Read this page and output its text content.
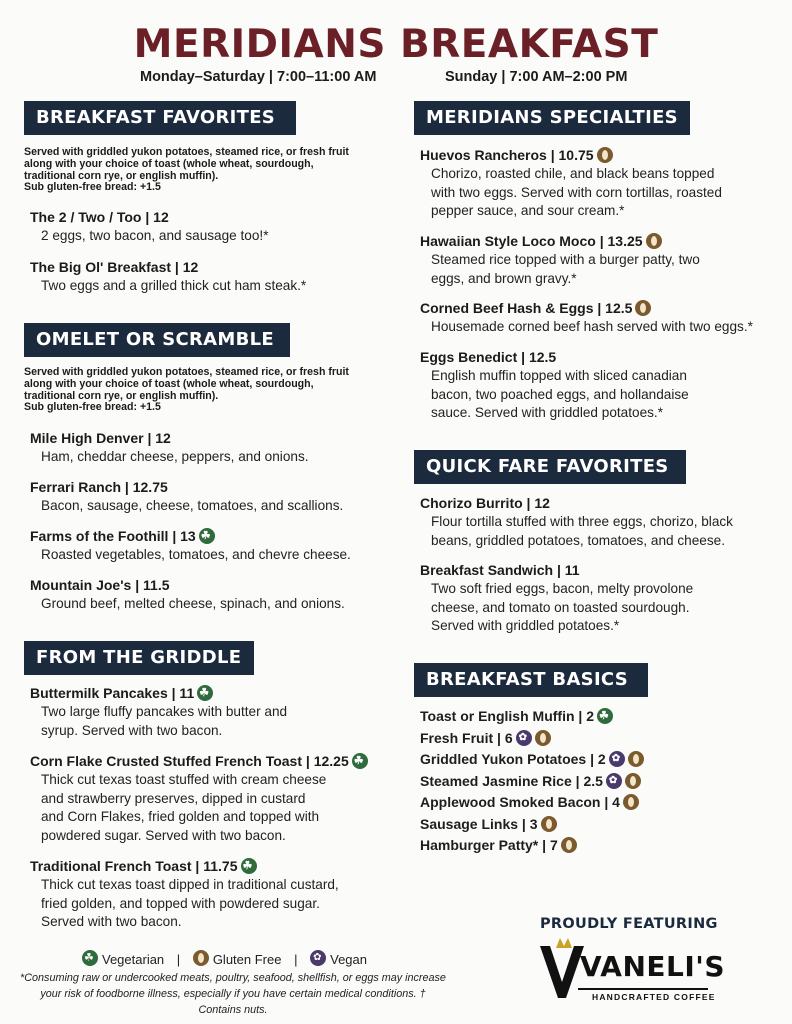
MERIDIANS BREAKFAST
Monday–Saturday | 7:00–11:00 AM	Sunday | 7:00 AM–2:00 PM
BREAKFAST FAVORITES
Served with griddled yukon potatoes, steamed rice, or fresh fruit along with your choice of toast (whole wheat, sourdough, traditional corn rye, or english muffin).
Sub gluten-free bread: +1.5
The 2 / Two / Too | 12
2 eggs, two bacon, and sausage too!*
The Big Ol' Breakfast | 12
Two eggs and a grilled thick cut ham steak.*
OMELET OR SCRAMBLE
Served with griddled yukon potatoes, steamed rice, or fresh fruit along with your choice of toast (whole wheat, sourdough, traditional corn rye, or english muffin).
Sub gluten-free bread: +1.5
Mile High Denver | 12
Ham, cheddar cheese, peppers, and onions.
Ferrari Ranch | 12.75
Bacon, sausage, cheese, tomatoes, and scallions.
Farms of the Foothill | 13☘
Roasted vegetables, tomatoes, and chevre cheese.
Mountain Joe's | 11.5
Ground beef, melted cheese, spinach, and onions.
FROM THE GRIDDLE
Buttermilk Pancakes | 11☘
Two large fluffy pancakes with butter and
syrup. Served with two bacon.
Corn Flake Crusted Stuffed French Toast | 12.25☘
Thick cut texas toast stuffed with cream cheese
and strawberry preserves, dipped in custard
and Corn Flakes, fried golden and topped with
powdered sugar. Served with two bacon.
Traditional French Toast | 11.75☘
Thick cut texas toast dipped in traditional custard,
fried golden, and topped with powdered sugar.
Served with two bacon.
MERIDIANS SPECIALTIES
Huevos Rancheros | 10.75
Chorizo, roasted chile, and black beans topped
with two eggs. Served with corn tortillas, roasted
pepper sauce, and sour cream.*
Hawaiian Style Loco Moco | 13.25
Steamed rice topped with a burger patty, two
eggs, and brown gravy.*
Corned Beef Hash & Eggs | 12.5
Housemade corned beef hash served with two eggs.*
Eggs Benedict | 12.5
English muffin topped with sliced canadian
bacon, two poached eggs, and hollandaise
sauce. Served with griddled potatoes.*
QUICK FARE FAVORITES
Chorizo Burrito | 12
Flour tortilla stuffed with three eggs, chorizo, black
beans, griddled potatoes, tomatoes, and cheese.
Breakfast Sandwich | 11
Two soft fried eggs, bacon, melty provolone
cheese, and tomato on toasted sourdough.
Served with griddled potatoes.*
BREAKFAST BASICS
Toast or English Muffin | 2☘
Fresh Fruit | 6✿
Griddled Yukon Potatoes | 2✿
Steamed Jasmine Rice | 2.5✿
Applewood Smoked Bacon | 4
Sausage Links | 3
Hamburger Patty* | 7
☘Vegetarian |	Gluten Free | ✿	Vegan
*Consuming raw or undercooked meats, poultry, seafood, shellfish, or eggs may increase your risk of foodborne illness, especially if you have certain medical conditions. † Contains nuts.
PROUDLY FEATURING
VANELI'S
HANDCRAFTED COFFEE
